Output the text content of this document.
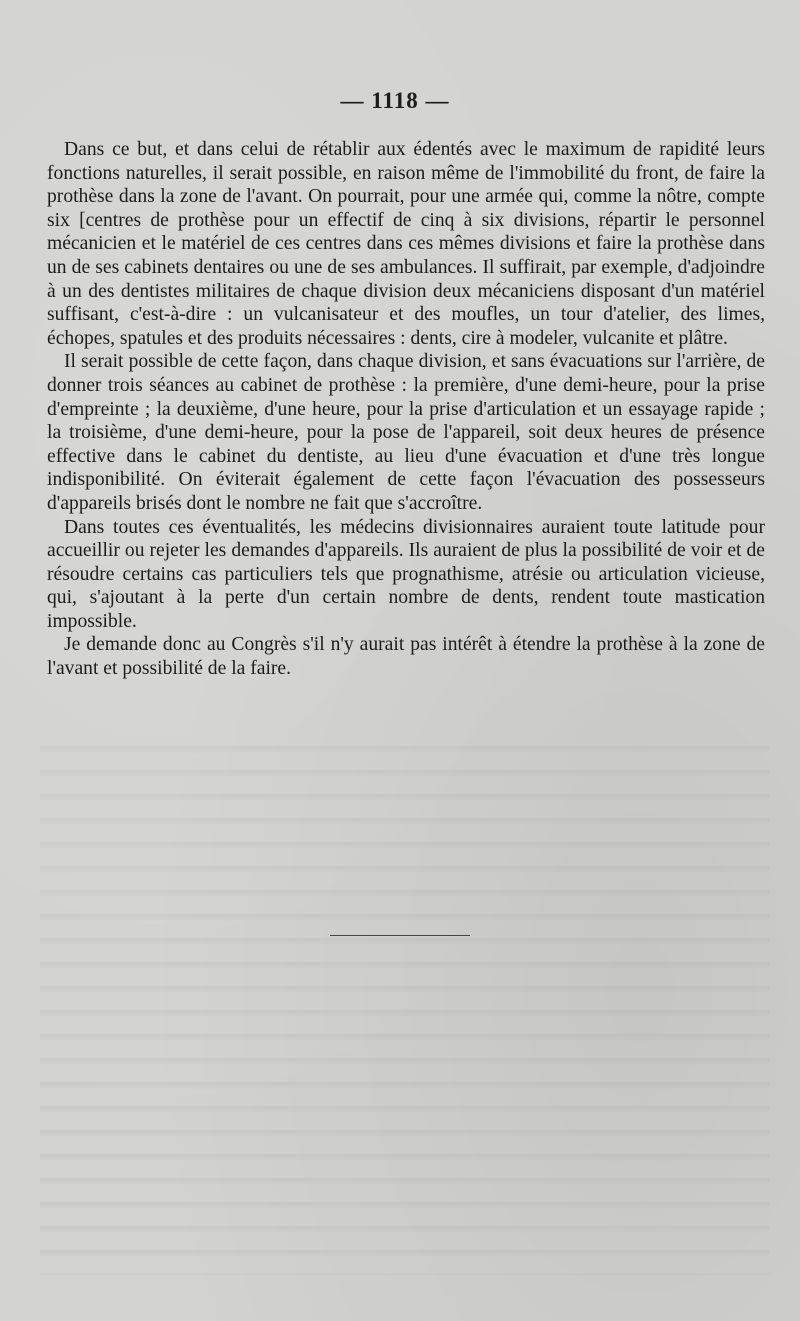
— 1118 —

Dans ce but, et dans celui de rétablir aux édentés avec le maximum de rapidité leurs fonctions naturelles, il serait possible, en raison même de l'immobilité du front, de faire la prothèse dans la zone de l'avant. On pourrait, pour une armée qui, comme la nôtre, compte six [centres de prothèse pour un effectif de cinq à six divisions, répartir le personnel mécanicien et le matériel de ces centres dans ces mêmes divisions et faire la prothèse dans un de ses cabinets dentaires ou une de ses ambulances. Il suffirait, par exemple, d'adjoindre à un des dentistes militaires de chaque division deux mécaniciens disposant d'un matériel suffisant, c'est-à-dire : un vulcanisateur et des moufles, un tour d'atelier, des limes, échopes, spatules et des produits nécessaires : dents, cire à modeler, vulcanite et plâtre.

Il serait possible de cette façon, dans chaque division, et sans évacuations sur l'arrière, de donner trois séances au cabinet de prothèse : la première, d'une demi-heure, pour la prise d'empreinte ; la deuxième, d'une heure, pour la prise d'articulation et un essayage rapide ; la troisième, d'une demi-heure, pour la pose de l'appareil, soit deux heures de présence effective dans le cabinet du dentiste, au lieu d'une évacuation et d'une très longue indisponibilité. On éviterait également de cette façon l'évacuation des possesseurs d'appareils brisés dont le nombre ne fait que s'accroître.

Dans toutes ces éventualités, les médecins divisionnaires auraient toute latitude pour accueillir ou rejeter les demandes d'appareils. Ils auraient de plus la possibilité de voir et de résoudre certains cas particuliers tels que prognathisme, atrésie ou articulation vicieuse, qui, s'ajoutant à la perte d'un certain nombre de dents, rendent toute mastication impossible.

Je demande donc au Congrès s'il n'y aurait pas intérêt à étendre la prothèse à la zone de l'avant et possibilité de la faire.
